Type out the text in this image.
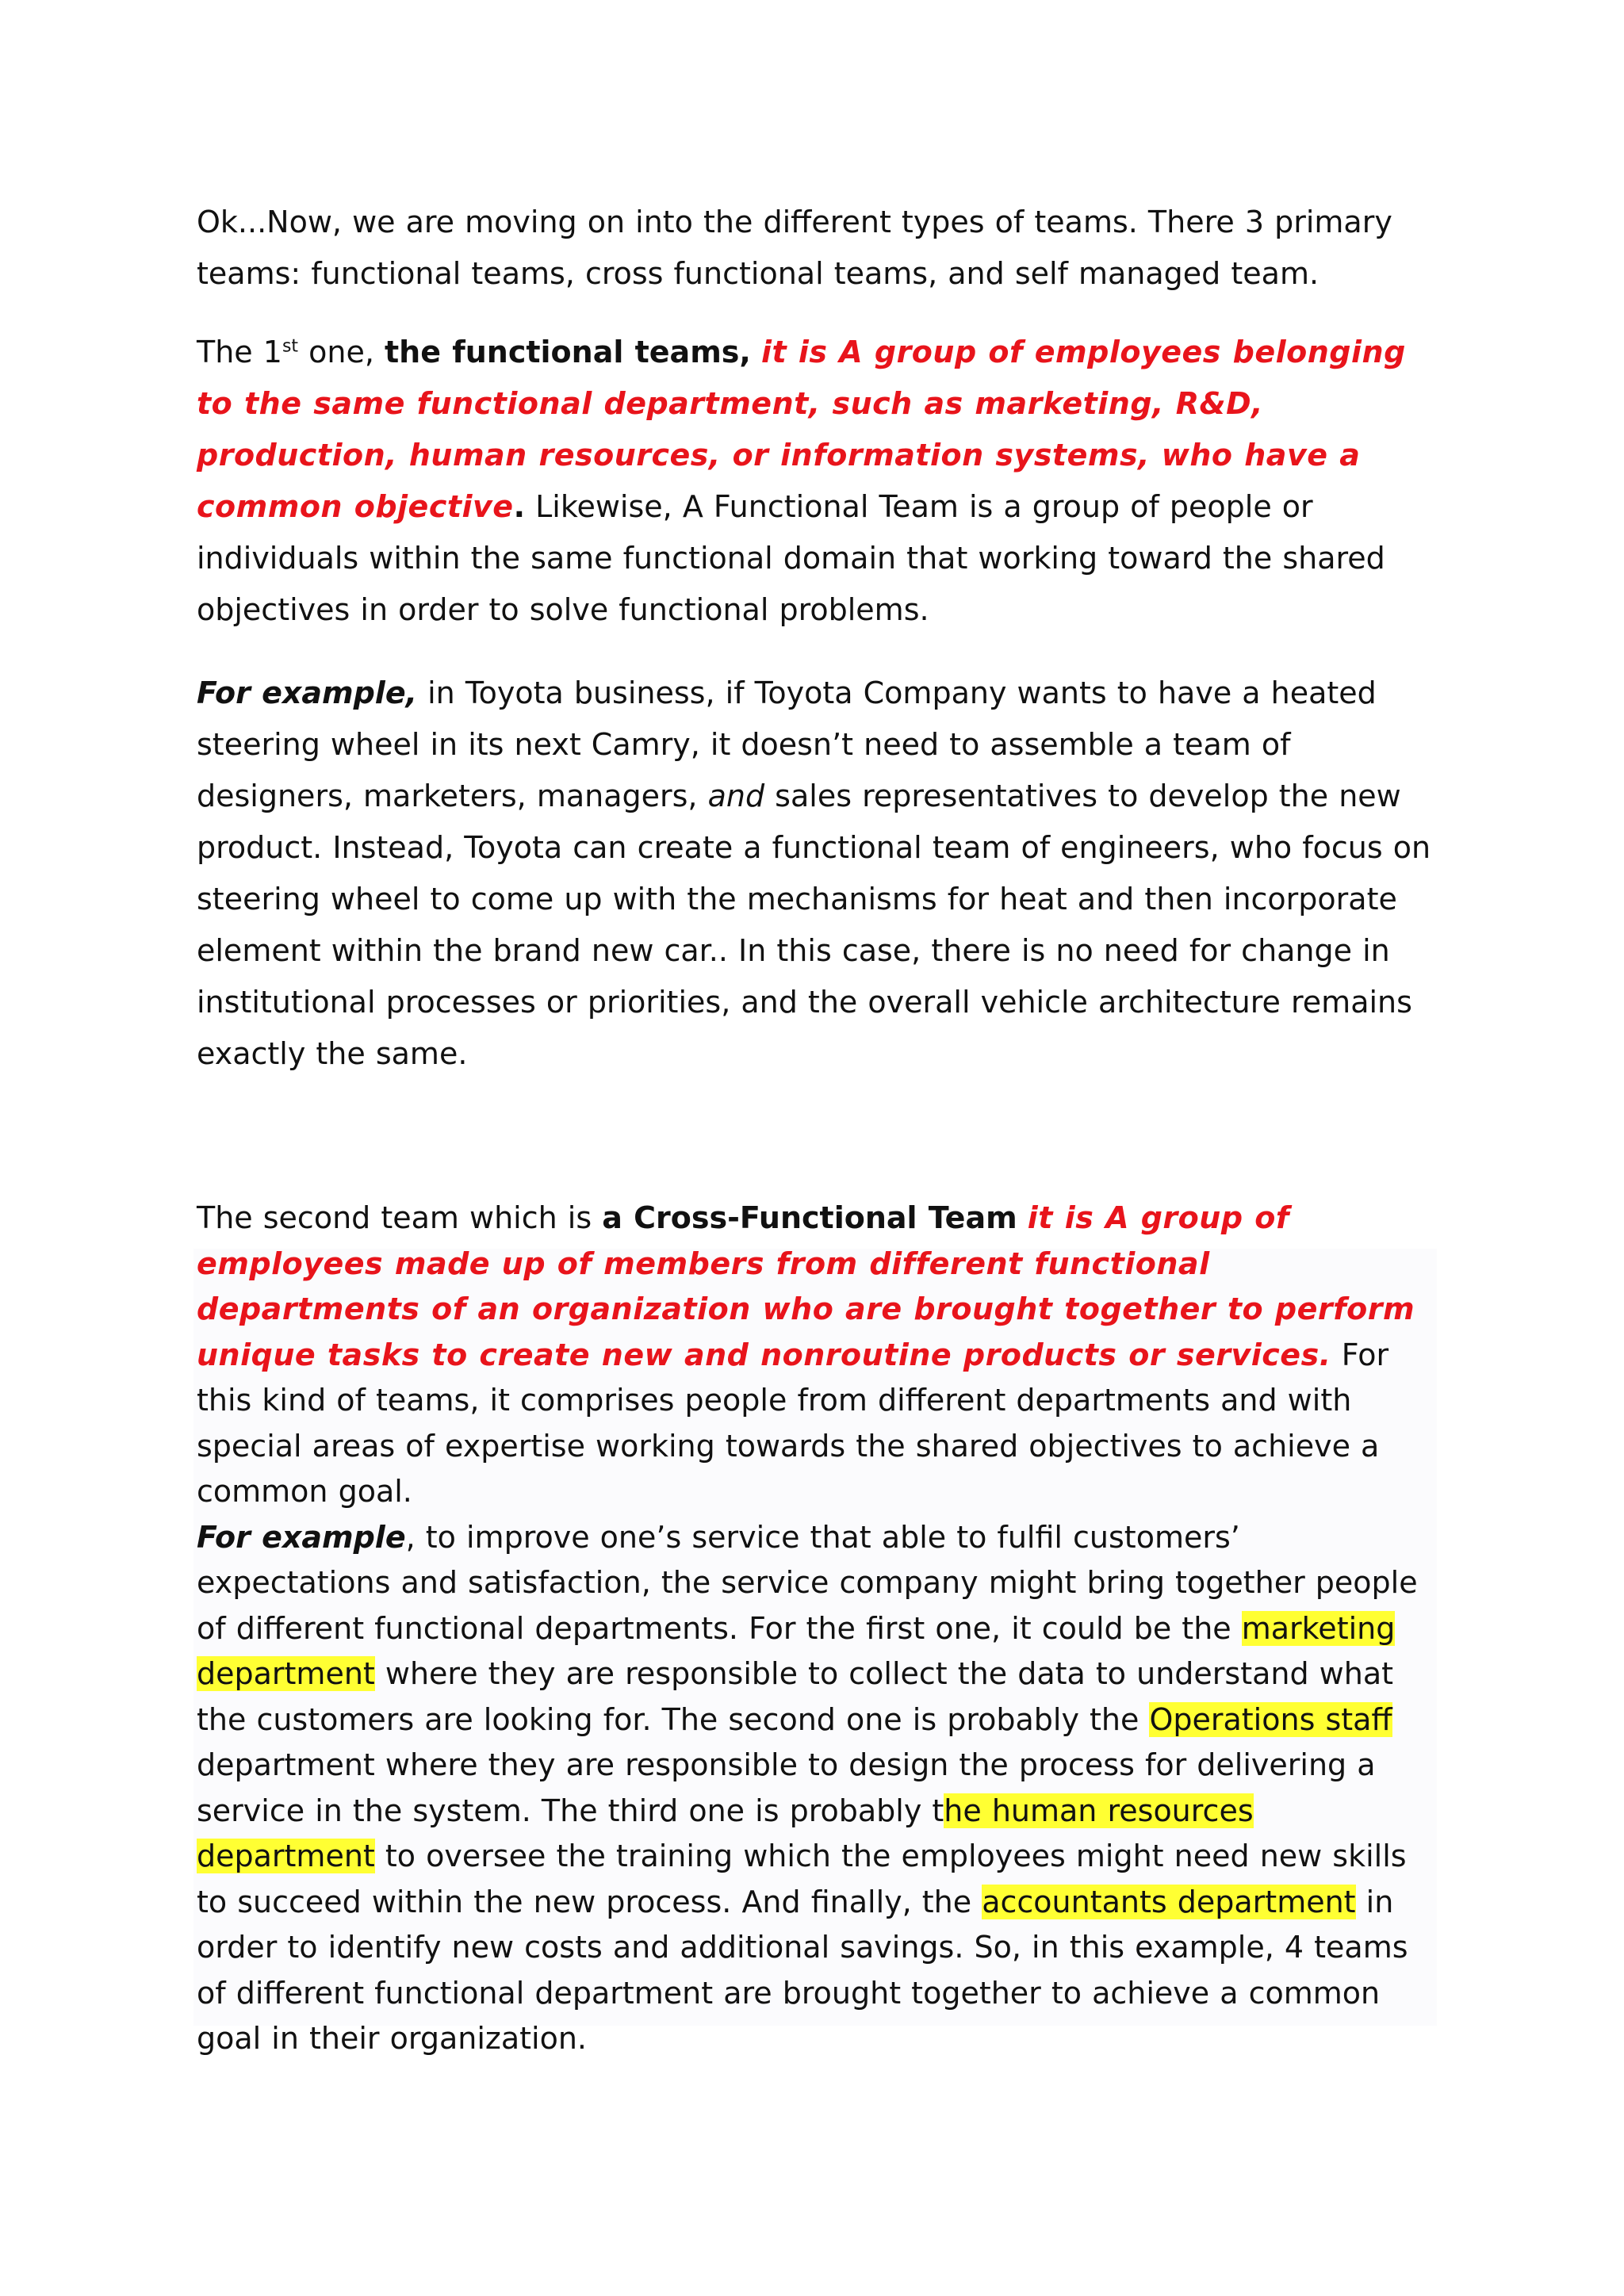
Ok...Now, we are moving on into the different types of teams. There 3 primary teams: functional teams, cross functional teams, and self managed team.

The 1st one, the functional teams, it is A group of employees belonging to the same functional department, such as marketing, R&D, production, human resources, or information systems, who have a common objective. Likewise, A Functional Team is a group of people or individuals within the same functional domain that working toward the shared objectives in order to solve functional problems.

For example, in Toyota business, if Toyota Company wants to have a heated steering wheel in its next Camry, it doesn’t need to assemble a team of designers, marketers, managers, and sales representatives to develop the new product. Instead, Toyota can create a functional team of engineers, who focus on steering wheel to come up with the mechanisms for heat and then incorporate element within the brand new car.. In this case, there is no need for change in institutional processes or priorities, and the overall vehicle architecture remains exactly the same.

The second team which is a Cross-Functional Team it is A group of employees made up of members from different functional departments of an organization who are brought together to perform unique tasks to create new and nonroutine products or services. For this kind of teams, it comprises people from different departments and with special areas of expertise working towards the shared objectives to achieve a common goal.
For example, to improve one’s service that able to fulfil customers’ expectations and satisfaction, the service company might bring together people of different functional departments. For the first one, it could be the marketing department where they are responsible to collect the data to understand what the customers are looking for. The second one is probably the Operations staff department where they are responsible to design the process for delivering a service in the system. The third one is probably the human resources department to oversee the training which the employees might need new skills to succeed within the new process. And finally, the accountants department in order to identify new costs and additional savings. So, in this example, 4 teams of different functional department are brought together to achieve a common goal in their organization.
